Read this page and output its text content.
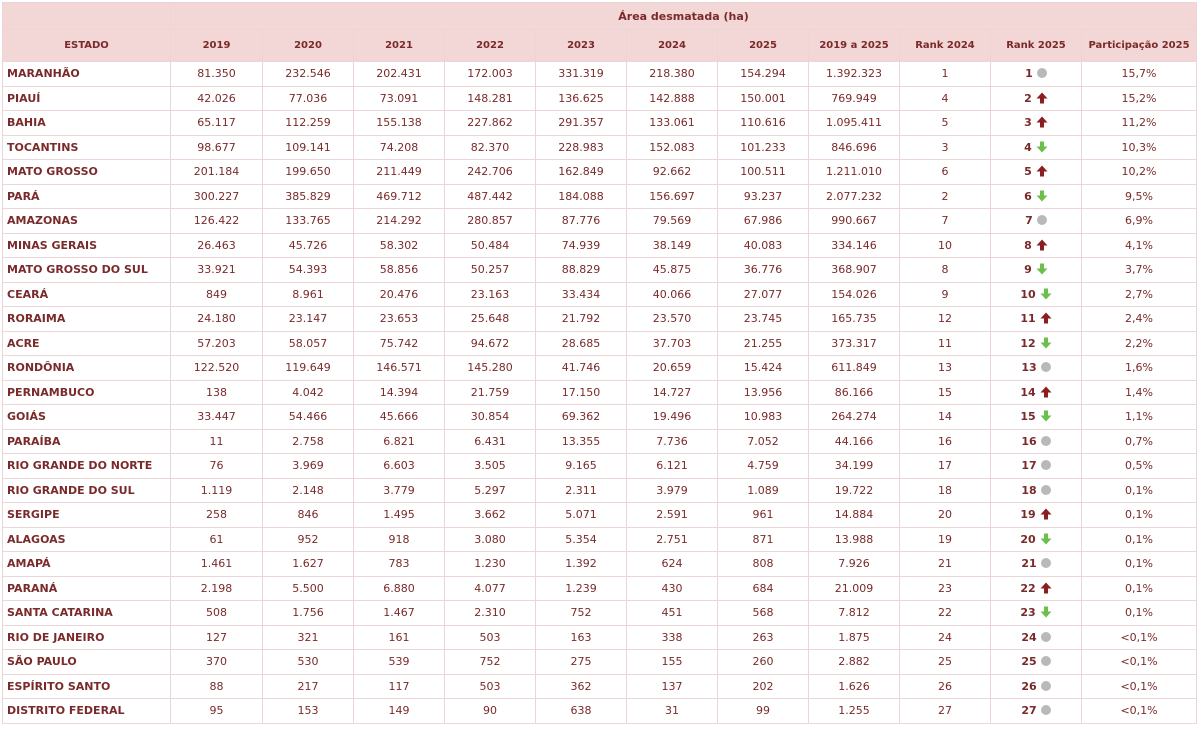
	Área desmatada (ha)										
ESTADO	2019	2020	2021	2022	2023	2024	2025	2019 a 2025	Rank 2024	Rank 2025	Participação 2025
MARANHÃO	81.350	232.546	202.431	172.003	331.319	218.380	154.294	1.392.323	1	1	15,7%
PIAUÍ	42.026	77.036	73.091	148.281	136.625	142.888	150.001	769.949	4	2	15,2%
BAHIA	65.117	112.259	155.138	227.862	291.357	133.061	110.616	1.095.411	5	3	11,2%
TOCANTINS	98.677	109.141	74.208	82.370	228.983	152.083	101.233	846.696	3	4	10,3%
MATO GROSSO	201.184	199.650	211.449	242.706	162.849	92.662	100.511	1.211.010	6	5	10,2%
PARÁ	300.227	385.829	469.712	487.442	184.088	156.697	93.237	2.077.232	2	6	9,5%
AMAZONAS	126.422	133.765	214.292	280.857	87.776	79.569	67.986	990.667	7	7	6,9%
MINAS GERAIS	26.463	45.726	58.302	50.484	74.939	38.149	40.083	334.146	10	8	4,1%
MATO GROSSO DO SUL	33.921	54.393	58.856	50.257	88.829	45.875	36.776	368.907	8	9	3,7%
CEARÁ	849	8.961	20.476	23.163	33.434	40.066	27.077	154.026	9	10	2,7%
RORAIMA	24.180	23.147	23.653	25.648	21.792	23.570	23.745	165.735	12	11	2,4%
ACRE	57.203	58.057	75.742	94.672	28.685	37.703	21.255	373.317	11	12	2,2%
RONDÔNIA	122.520	119.649	146.571	145.280	41.746	20.659	15.424	611.849	13	13	1,6%
PERNAMBUCO	138	4.042	14.394	21.759	17.150	14.727	13.956	86.166	15	14	1,4%
GOIÁS	33.447	54.466	45.666	30.854	69.362	19.496	10.983	264.274	14	15	1,1%
PARAÍBA	11	2.758	6.821	6.431	13.355	7.736	7.052	44.166	16	16	0,7%
RIO GRANDE DO NORTE	76	3.969	6.603	3.505	9.165	6.121	4.759	34.199	17	17	0,5%
RIO GRANDE DO SUL	1.119	2.148	3.779	5.297	2.311	3.979	1.089	19.722	18	18	0,1%
SERGIPE	258	846	1.495	3.662	5.071	2.591	961	14.884	20	19	0,1%
ALAGOAS	61	952	918	3.080	5.354	2.751	871	13.988	19	20	0,1%
AMAPÁ	1.461	1.627	783	1.230	1.392	624	808	7.926	21	21	0,1%
PARANÁ	2.198	5.500	6.880	4.077	1.239	430	684	21.009	23	22	0,1%
SANTA CATARINA	508	1.756	1.467	2.310	752	451	568	7.812	22	23	0,1%
RIO DE JANEIRO	127	321	161	503	163	338	263	1.875	24	24	<0,1%
SÃO PAULO	370	530	539	752	275	155	260	2.882	25	25	<0,1%
ESPÍRITO SANTO	88	217	117	503	362	137	202	1.626	26	26	<0,1%
DISTRITO FEDERAL	95	153	149	90	638	31	99	1.255	27	27	<0,1%
